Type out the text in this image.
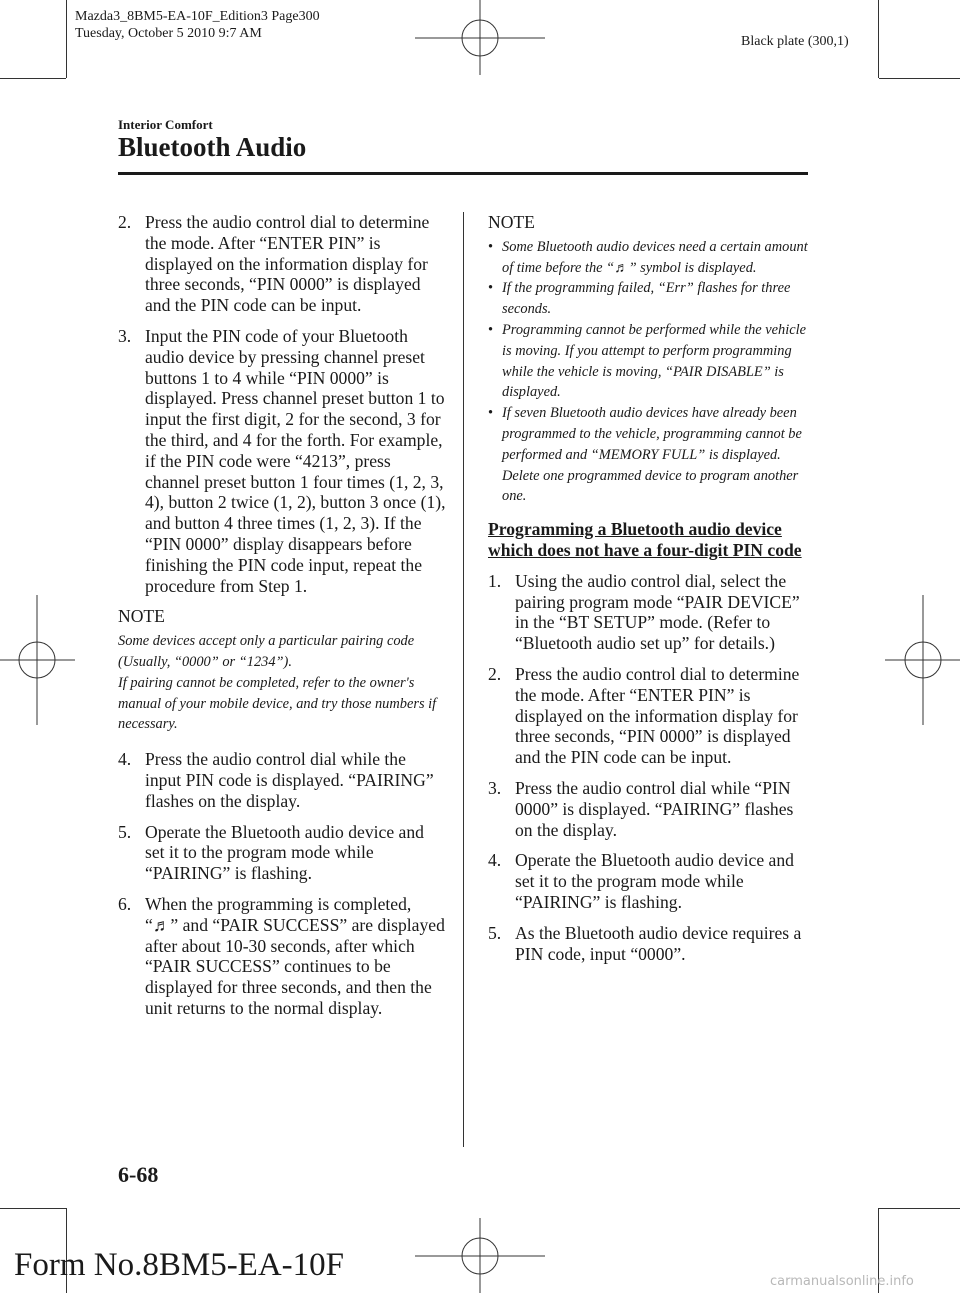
Mazda3_8BM5-EA-10F_Edition3 Page300
Tuesday, October 5 2010 9:7 AM
Black plate (300,1)
Interior Comfort
Bluetooth Audio

2. Press the audio control dial to determine the mode. After “ENTER PIN” is displayed on the information display for three seconds, “PIN 0000” is displayed and the PIN code can be input.

3. Input the PIN code of your Bluetooth audio device by pressing channel preset buttons 1 to 4 while “PIN 0000” is displayed. Press channel preset button 1 to input the first digit, 2 for the second, 3 for the third, and 4 for the forth. For example, if the PIN code were “4213”, press channel preset button 1 four times (1, 2, 3, 4), button 2 twice (1, 2), button 3 once (1), and button 4 three times (1, 2, 3). If the “PIN 0000” display disappears before finishing the PIN code input, repeat the procedure from Step 1.

NOTE

Some devices accept only a particular pairing code (Usually, “0000” or “1234”).

If pairing cannot be completed, refer to the owner's manual of your mobile device, and try those numbers if necessary.

4. Press the audio control dial while the input PIN code is displayed. “PAIRING” flashes on the display.

5. Operate the Bluetooth audio device and set it to the program mode while “PAIRING” is flashing.

6. When the programming is completed, “♬” and “PAIR SUCCESS” are displayed after about 10-30 seconds, after which “PAIR SUCCESS” continues to be displayed for three seconds, and then the unit returns to the normal display.

NOTE

• Some Bluetooth audio devices need a certain amount of time before the “♬” symbol is displayed.

• If the programming failed, “Err” flashes for three seconds.

• Programming cannot be performed while the vehicle is moving. If you attempt to perform programming while the vehicle is moving, “PAIR DISABLE” is displayed.

• If seven Bluetooth audio devices have already been programmed to the vehicle, programming cannot be performed and “MEMORY FULL” is displayed. Delete one programmed device to program another one.

Programming a Bluetooth audio device which does not have a four-digit PIN code

1. Using the audio control dial, select the pairing program mode “PAIR DEVICE” in the “BT SETUP” mode. (Refer to “Bluetooth audio set up” for details.)

2. Press the audio control dial to determine the mode. After “ENTER PIN” is displayed on the information display for three seconds, “PIN 0000” is displayed and the PIN code can be input.

3. Press the audio control dial while “PIN 0000” is displayed. “PAIRING” flashes on the display.

4. Operate the Bluetooth audio device and set it to the program mode while “PAIRING” is flashing.

5. As the Bluetooth audio device requires a PIN code, input “0000”.

6-68
Form No.8BM5-EA-10F	carmanualsonline.info
